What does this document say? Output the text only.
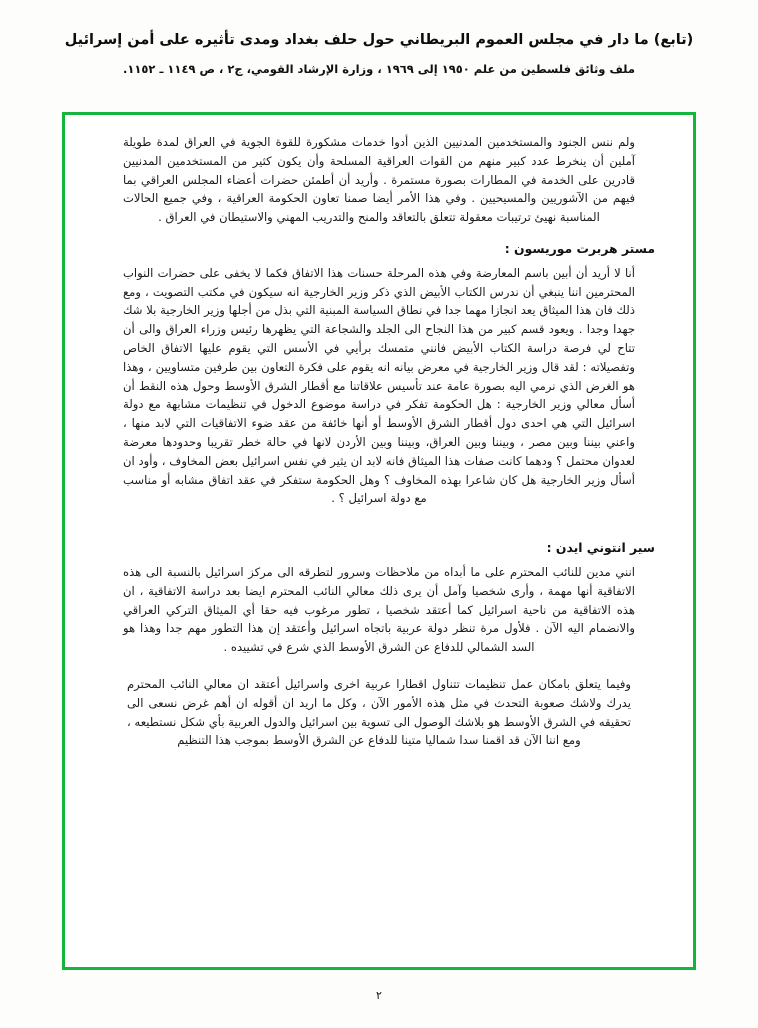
(تابع) ما دار في مجلس العموم البريطاني حول حلف بغداد ومدى تأثيره على أمن إسرائيل
ملف وثائق فلسطين من علم ١٩٥٠ إلى ١٩٦٩ ، وزارة الإرشاد القومي، ج٢ ، ص ١١٤٩ ـ ١١٥٢.

ولم ننس الجنود والمستخدمين المدنيين الذين أدوا خدمات مشكورة للقوة الجوية في العراق لمدة طويلة آملين أن ينخرط عدد كبير منهم من القوات العراقية المسلحة وأن يكون كثير من المستخدمين المدنيين قادرين على الخدمة في المطارات بصورة مستمرة . وأريد أن أطمئن حضرات أعضاء المجلس العراقي بما فيهم من الآشوريين والمسيحيين . وفي هذا الأمر أيضا صمنا تعاون الحكومة العراقية ، وفي جميع الحالات المناسبة نهيئ ترتيبات معقولة تتعلق بالتعاقد والمنح والتدريب المهني والاستيطان في العراق .

مستر هربرت موريسون :

أنا لا أريد أن أبين باسم المعارضة وفي هذه المرحلة حسنات هذا الاتفاق فكما لا يخفى على حضرات النواب المحترمين اننا ينبغي أن ندرس الكتاب الأبيض الذي ذكر وزير الخارجية انه سيكون في مكتب التصويت ، ومع ذلك فان هذا الميثاق يعد انجازا مهما جدا في نطاق السياسة المبنية التي بذل من أجلها وزير الخارجية بلا شك جهدا وجدا . ويعود قسم كبير من هذا النجاح الى الجلد والشجاعة التي يظهرها رئيس وزراء العراق والى أن تتاح لي فرصة دراسة الكتاب الأبيض فانني متمسك برأيي في الأسس التي يقوم عليها الاتفاق الخاص وتفصيلاته : لقد قال وزير الخارجية في معرض بيانه انه يقوم على فكرة التعاون بين طرفين متساويين ، وهذا هو الغرض الذي نرمي اليه بصورة عامة عند تأسيس علاقاتنا مع أقطار الشرق الأوسط وحول هذه النقط أن أسأل معالي وزير الخارجية : هل الحكومة تفكر في دراسة موضوع الدخول في تنظيمات مشابهة مع دولة اسرائيل التي هي احدى دول أقطار الشرق الأوسط أو أنها خائفة من عقد ضوء الاتفاقيات التي لابد منها ، واعني بيننا وبين مصر ، وبيننا وبين العراق، وبيننا وبين الأردن لانها في حالة خطر تقريبا وحدودها معرضة لعدوان محتمل ؟ ودهما كانت صفات هذا الميثاق فانه لابد ان يثير في نفس اسرائيل بعض المخاوف ، وأود ان أسأل وزير الخارجية هل كان شاعرا بهذه المخاوف ؟ وهل الحكومة ستفكر في عقد اتفاق مشابه أو مناسب مع دولة اسرائيل ؟ .

سير انتوني ايدن :

انني مدين للنائب المحترم على ما أبداه من ملاحظات وسرور لتطرقه الى مركز اسرائيل بالنسبة الى هذه الاتفاقية أنها مهمة ، وأرى شخصيا وآمل أن يرى ذلك معالي النائب المحترم ايضا بعد دراسة الاتفاقية ، ان هذه الاتفاقية من ناحية اسرائيل كما أعتقد شخصيا ، تطور مرغوب فيه حقا أي الميثاق التركي العراقي والانضمام اليه الآن . فلأول مرة تنظر دولة عربية باتجاه اسرائيل وأعتقد إن هذا التطور مهم جدا وهذا هو السد الشمالي للدفاع عن الشرق الأوسط الذي شرع في تشييده .

وفيما يتعلق بامكان عمل تنظيمات تتناول اقطارا عربية اخرى واسرائيل أعتقد ان معالي النائب المحترم يدرك ولاشك صعوبة التحدث في مثل هذه الأمور الآن ، وكل ما اريد ان أقوله ان أهم غرض نسعى الى تحقيقه في الشرق الأوسط هو بلاشك الوصول الى تسوية بين اسرائيل والدول العربية بأي شكل نستطيعه ، ومع اننا الآن قد اقمنا سدا شماليا متينا للدفاع عن الشرق الأوسط بموجب هذا التنظيم

٢
